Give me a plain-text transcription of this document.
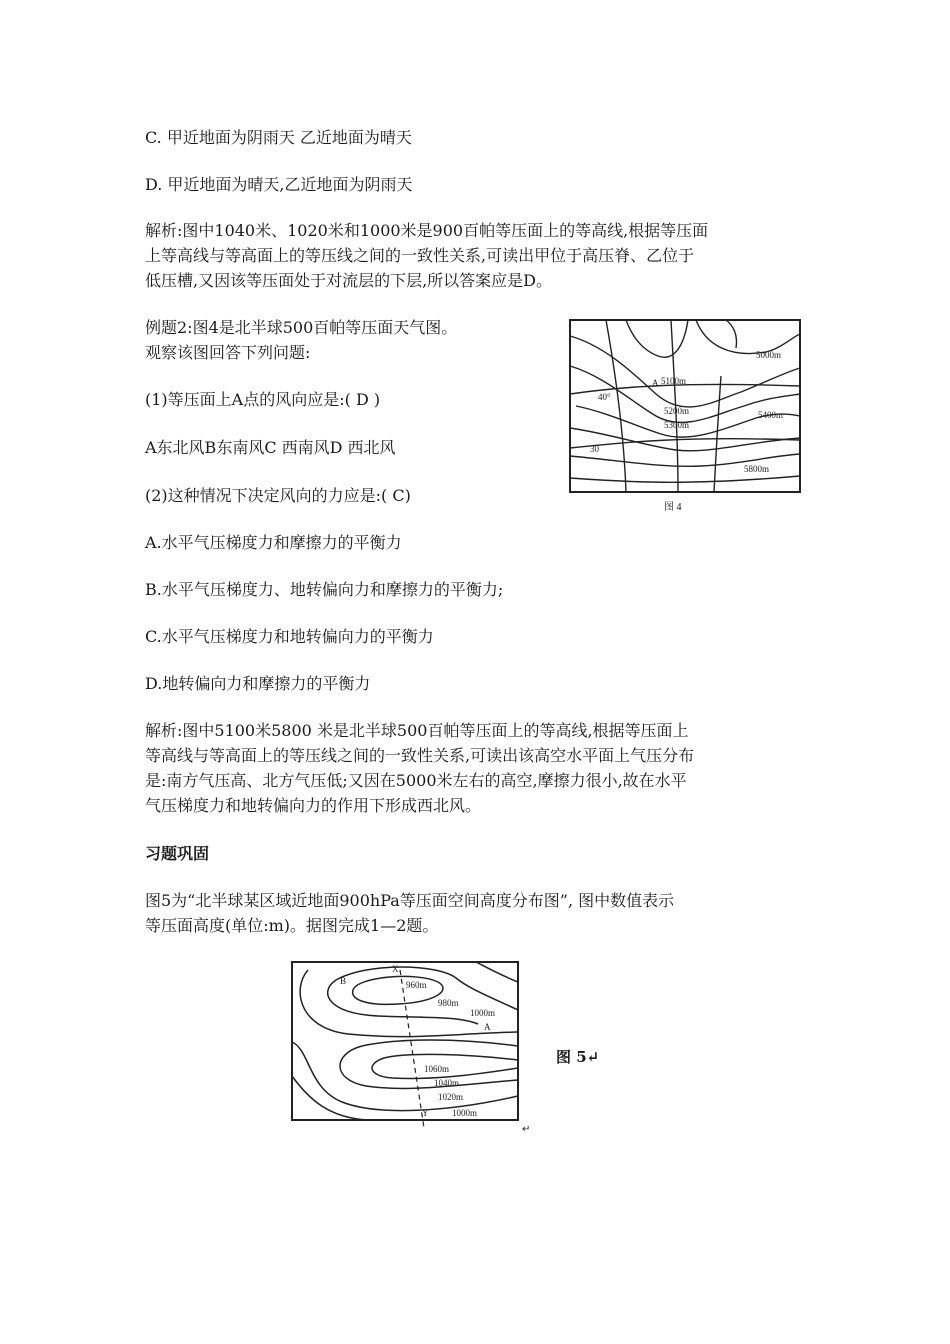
C. 甲近地面为阴雨天 乙近地面为晴天

D. 甲近地面为晴天,乙近地面为阴雨天

解析:图中1040米、1020米和1000米是900百帕等压面上的等高线,根据等压面

上等高线与等高面上的等压线之间的一致性关系,可读出甲位于高压脊、乙位于

低压槽,又因该等压面处于对流层的下层,所以答案应是D。

例题2:图4是北半球500百帕等压面天气图。

观察该图回答下列问题:

(1)等压面上A点的风向应是:( D )

A东北风B东南风C 西南风D 西北风

(2)这种情况下决定风向的力应是:( C)

A.水平气压梯度力和摩擦力的平衡力

B.水平气压梯度力、地转偏向力和摩擦力的平衡力;

C.水平气压梯度力和地转偏向力的平衡力

D.地转偏向力和摩擦力的平衡力

解析:图中5100米5800 米是北半球500百帕等压面上的等高线,根据等压面上

等高线与等高面上的等压线之间的一致性关系,可读出该高空水平面上气压分布

是:南方气压高、北方气压低;又因在5000米左右的高空,摩擦力很小,故在水平

气压梯度力和地转偏向力的作用下形成西北风。

习题巩固

图5为“北半球某区域近地面900hPa等压面空间高度分布图”, 图中数值表示

等压面高度(单位:m)。据图完成1—2题。

5000m
5100m
A
40°
5200m
5300m
5400m
30
5800m
图 4
X
B	960m
980m
1000m
A
1060m
1040m
1020m
Y	1000m
↵
图 5↵
